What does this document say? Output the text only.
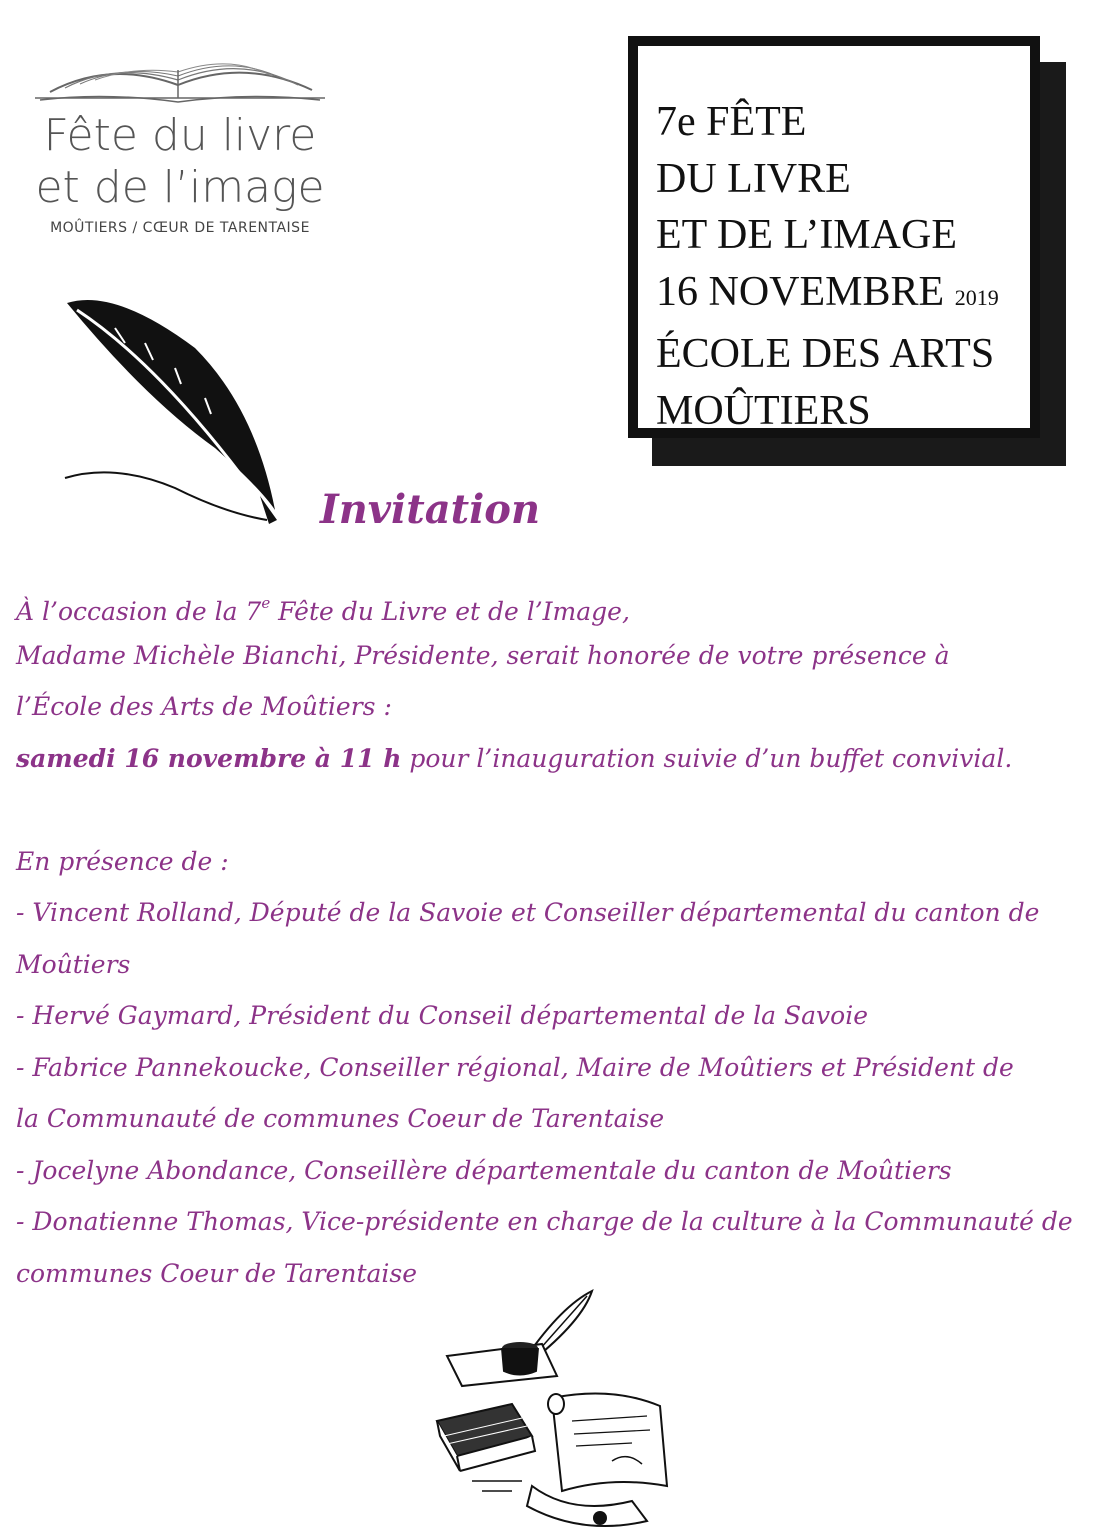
Fête du livre
et de l’image
MOÛTIERS / CŒUR DE TARENTAISE
7e FÊTE
DU LIVRE
ET DE L’IMAGE
16 NOVEMBRE 2019
ÉCOLE DES ARTS
MOÛTIERS
Invitation
À l’occasion de la 7e Fête du Livre et de l’Image,
Madame Michèle Bianchi, Présidente, serait honorée de votre présence à
l’École des Arts de Moûtiers :
samedi 16 novembre à 11 h pour l’inauguration suivie d’un buffet convivial.
En présence de :
- Vincent Rolland, Député de la Savoie et Conseiller départemental du canton de
Moûtiers
- Hervé Gaymard, Président du Conseil départemental de la Savoie
- Fabrice Pannekoucke, Conseiller régional, Maire de Moûtiers et Président de
la Communauté de communes Coeur de Tarentaise
- Jocelyne Abondance, Conseillère départementale du canton de Moûtiers
- Donatienne Thomas, Vice-présidente en charge de la culture à la Communauté de
communes Coeur de Tarentaise
